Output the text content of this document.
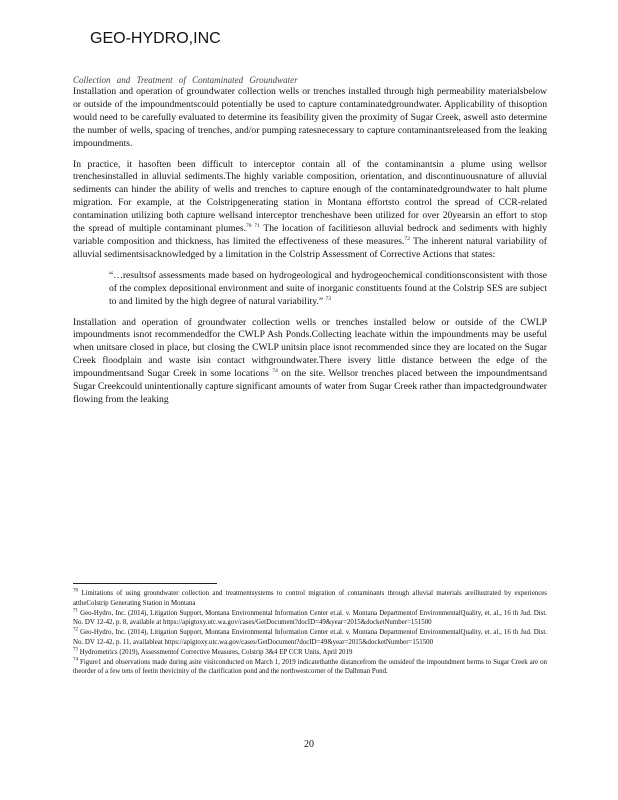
GEO-HYDRO,INC
Collection and Treatment of Contaminated Groundwater

Installation and operation of groundwater collection wells or trenches installed through high permeability materialsbelow or outside of the impoundmentscould potentially be used to capture contaminatedgroundwater. Applicability of thisoption would need to be carefully evaluated to determine its feasibility given the proximity of Sugar Creek, aswell asto determine the number of wells, spacing of trenches, and/or pumping ratesnecessary to capture contaminantsreleased from the leaking impoundments.

In practice, it hasoften been difficult to interceptor contain all of the contaminantsin a plume using wellsor trenchesinstalled in alluvial sediments.The highly variable composition, orientation, and discontinuousnature of alluvial sediments can hinder the ability of wells and trenches to capture enough of the contaminatedgroundwater to halt plume migration. For example, at the Colstripgenerating station in Montana effortsto control the spread of CCR-related contamination utilizing both capture wellsand interceptor trencheshave been utilized for over 20yearsin an effort to stop the spread of multiple contaminant plumes.$^{70 71}$ The location of facilitieson alluvial bedrock and sediments with highly variable composition and thickness, has limited the effectiveness of these measures.$^{72}$ The inherent natural variability of alluvial sedimentsisacknowledged by a limitation in the Colstrip Assessment of Corrective Actions that states:

“…resultsof assessments made based on hydrogeological and hydrogeochemical conditionsconsistent with those of the complex depositional environment and suite of inorganic constituents found at the Colstrip SES are subject to and limited by the high degree of natural variability.” $^{73}$

Installation and operation of groundwater collection wells or trenches installed below or outside of the CWLP impoundments isnot recommendedfor the CWLP Ash Ponds.Collecting leachate within the impoundments may be useful when unitsare closed in place, but closing the CWLP unitsin place isnot recommended since they are located on the Sugar Creek floodplain and waste isin contact withgroundwater.There isvery little distance between the edge of the impoundmentsand Sugar Creek in some locations $^{74}$ on the site. Wellsor trenches placed between the impoundmentsand Sugar Creekcould unintentionally capture significant amounts of water from Sugar Creek rather than impactedgroundwater flowing from the leaking

$^{70}$ Limitations of using groundwater collection and treatmentsystems to control migration of contaminants through alluvial materials areillustrated by experiences attheColstrip Generating Station in Montana

$^{71}$ Geo-Hydro, Inc. (2014), Litigation Support, Montana Environmental Information Center et.al. v. Montana Departmentof EnvironmentalQuality, et. al., 16 th Jud. Dist. No. DV 12-42, p. 8, available at https://apigtoxy.utc.wa.gov/cases/GetDocument?docID=49&year=2015&docketNumber=151500

$^{72}$ Geo-Hydro, Inc. (2014), Litigation Support, Montana Environmental Information Center et.al. v. Montana Departmentof EnvironmentalQuality, et. al., 16 th Jud. Dist. No. DV 12-42, p. 11, availableat https://apigtoxy.utc.wa.gov/cases/GetDocument?docID=49&year=2015&docketNumber=151500

$^{73}$ Hydrometrics (2019), Assessmentof Corrective Measures, Colstrip 3&4 EP CCR Units, April 2019

$^{74}$ Figure1 and observations made during asite visitconducted on March 1, 2019 indicatethatthe distancefrom the outsideof the impoundment berms to Sugar Creek are on theorder of a few tens of feetin thevicinity of the clarification pond and the northwestcorner of the Dalhman Pond.

20
